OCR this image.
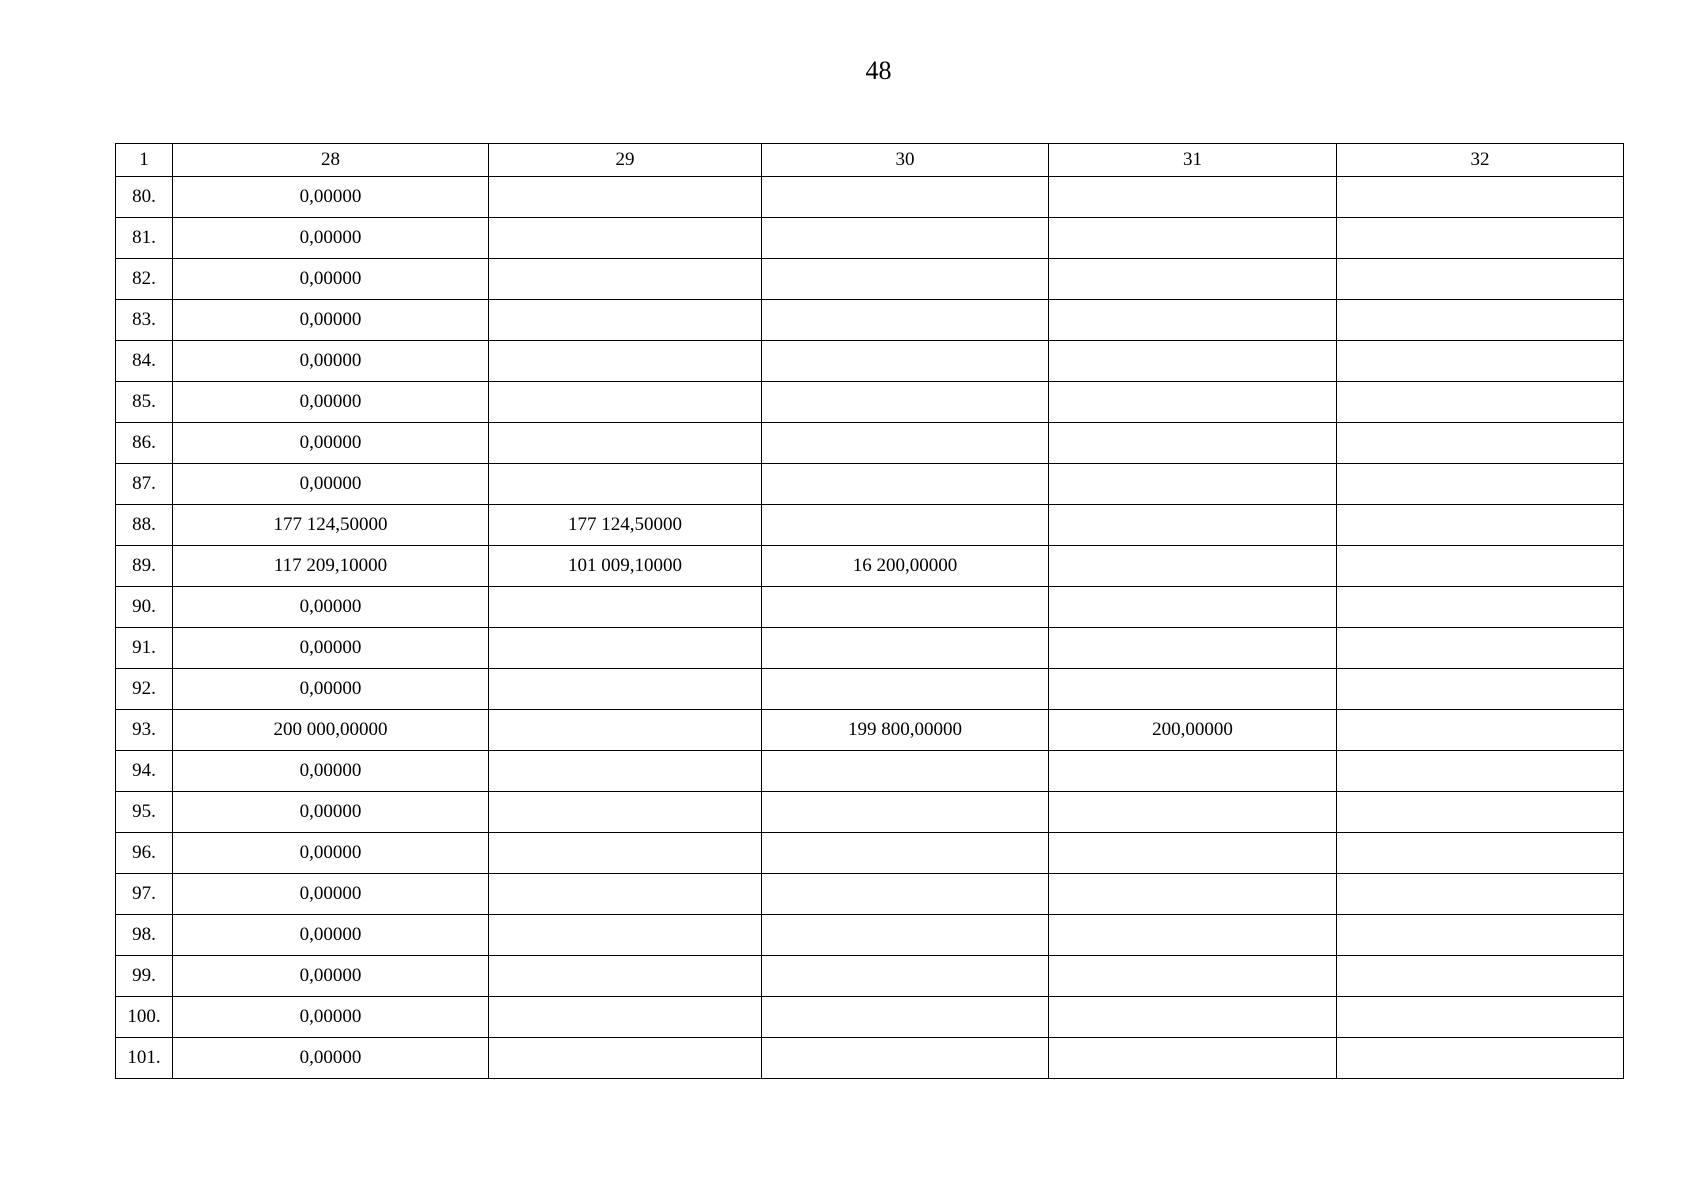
48
1	28	29	30	31	32
80.	0,00000				
81.	0,00000				
82.	0,00000				
83.	0,00000				
84.	0,00000				
85.	0,00000				
86.	0,00000				
87.	0,00000				
88.	177 124,50000	177 124,50000			
89.	117 209,10000	101 009,10000	16 200,00000		
90.	0,00000				
91.	0,00000				
92.	0,00000				
93.	200 000,00000		199 800,00000	200,00000	
94.	0,00000				
95.	0,00000				
96.	0,00000				
97.	0,00000				
98.	0,00000				
99.	0,00000				
100.	0,00000				
101.	0,00000				
